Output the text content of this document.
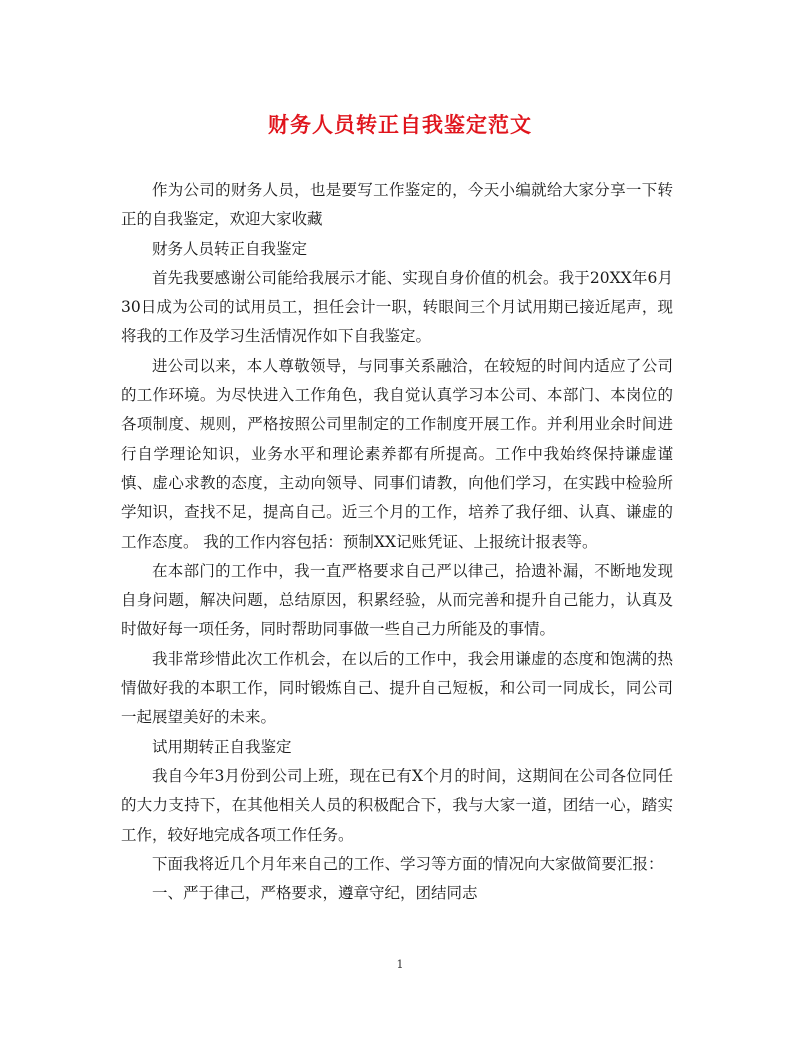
财务人员转正自我鉴定范文

作为公司的财务人员，也是要写工作鉴定的，今天小编就给大家分享一下转正的自我鉴定，欢迎大家收藏

财务人员转正自我鉴定

首先我要感谢公司能给我展示才能、实现自身价值的机会。我于20XX年6月30日成为公司的试用员工，担任会计一职，转眼间三个月试用期已接近尾声，现将我的工作及学习生活情况作如下自我鉴定。

进公司以来，本人尊敬领导，与同事关系融洽，在较短的时间内适应了公司的工作环境。为尽快进入工作角色，我自觉认真学习本公司、本部门、本岗位的各项制度、规则，严格按照公司里制定的工作制度开展工作。并利用业余时间进行自学理论知识，业务水平和理论素养都有所提高。工作中我始终保持谦虚谨慎、虚心求教的态度，主动向领导、同事们请教，向他们学习，在实践中检验所学知识，查找不足，提高自己。近三个月的工作，培养了我仔细、认真、谦虚的工作态度。 我的工作内容包括：预制XX记账凭证、上报统计报表等。

在本部门的工作中，我一直严格要求自己严以律己，拾遗补漏，不断地发现自身问题，解决问题，总结原因，积累经验，从而完善和提升自己能力，认真及时做好每一项任务，同时帮助同事做一些自己力所能及的事情。

我非常珍惜此次工作机会，在以后的工作中，我会用谦虚的态度和饱满的热情做好我的本职工作，同时锻炼自己、提升自己短板，和公司一同成长，同公司一起展望美好的未来。

试用期转正自我鉴定

我自今年3月份到公司上班，现在已有X个月的时间，这期间在公司各位同任的大力支持下，在其他相关人员的积极配合下，我与大家一道，团结一心，踏实工作，较好地完成各项工作任务。

下面我将近几个月年来自己的工作、学习等方面的情况向大家做简要汇报：

一、严于律己，严格要求，遵章守纪，团结同志

1
